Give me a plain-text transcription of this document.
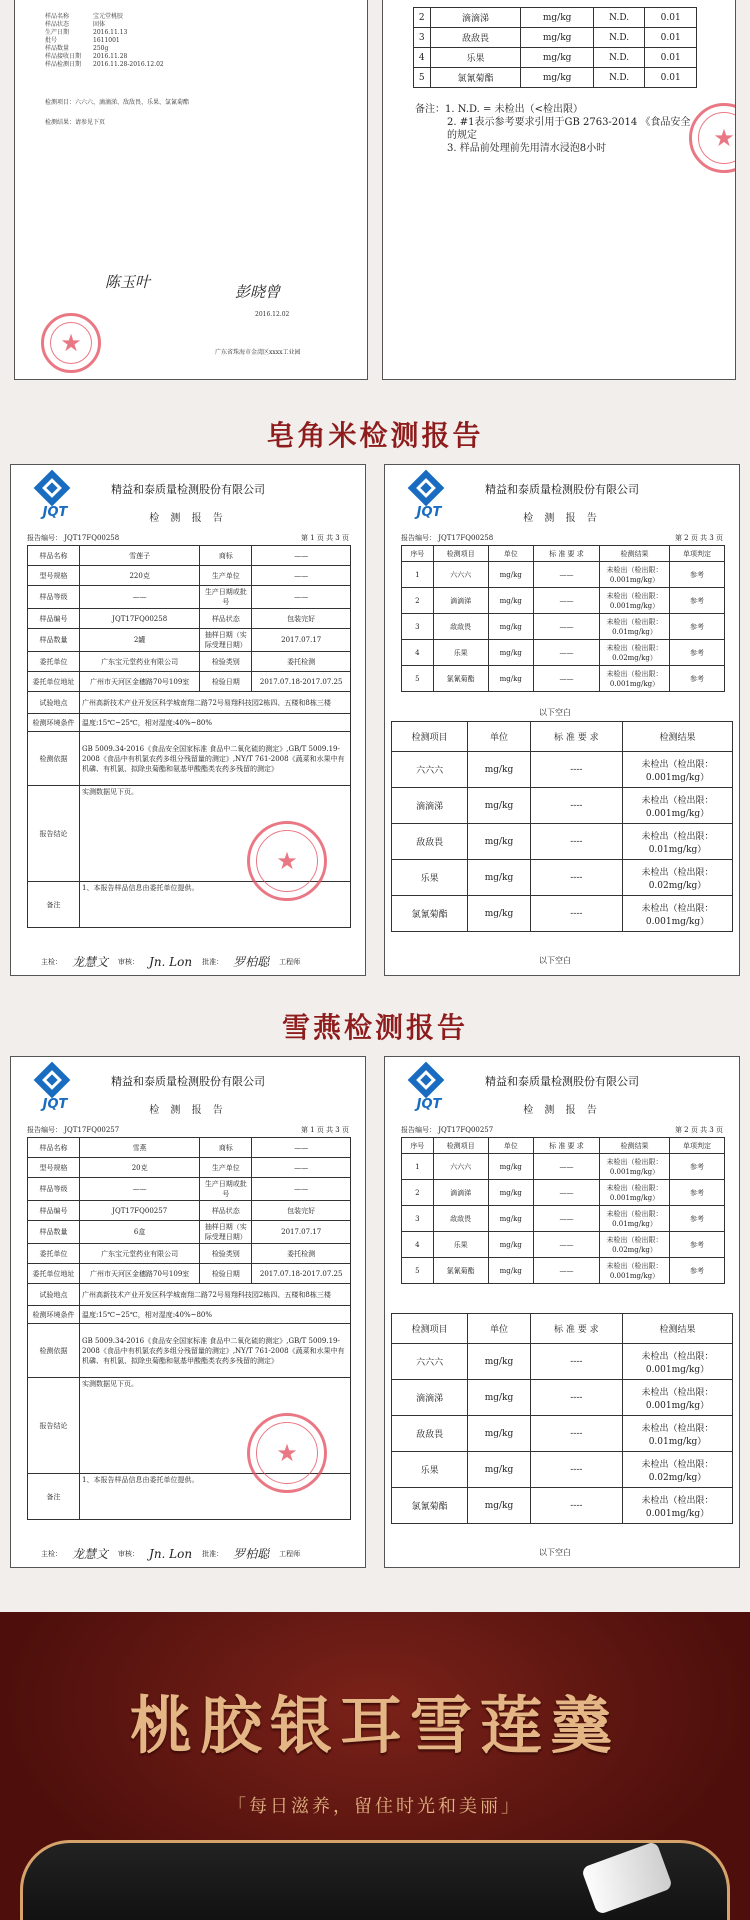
样品名称	宝元堂桃胶
样品状态	固体
生产日期	2016.11.13
批号	1611001
样品数量	250g
样品接收日期	2016.11.28
样品检测日期	2016.11.28-2016.12.02
检测项目：六六六、滴滴涕、敌敌畏、乐果、氯氰菊酯
检测结果：请参见下页
陈玉叶
彭晓曾
2016.12.02
★	广东省珠海市金湾区xxxx工业园
2	滴滴涕	mg/kg	N.D.	0.01
3	敌敌畏	mg/kg	N.D.	0.01
4	乐果	mg/kg	N.D.	0.01
5	氯氰菊酯	mg/kg	N.D.	0.01
备注：1. N.D. = 未检出（<检出限）
2. #1表示参考要求引用于GB 2763-2014 《食品安全
的规定
3. 样品前处理前先用清水浸泡8小时	★
皂角米检测报告
JQT
精益和泰质量检测股份有限公司
检 测 报 告
报告编号： JQT17FQ00258	第 1 页 共 3 页
样品名称	雪莲子	商标	——
型号规格	220克	生产单位	——
样品等级	——	生产日期或批号	——
样品编号	JQT17FQ00258	样品状态	包装完好
样品数量	2罐	抽样日期（实际受理日期）	2017.07.17
委托单位	广东宝元堂药业有限公司	检验类别	委托检测
委托单位地址	广州市天河区金穗路70号109室	检验日期	2017.07.18-2017.07.25
试验地点	广州高新技术产业开发区科学城南翔二路72号易翔科技园2栋四、五楼和8栋三楼		
检测环境条件	温度:15℃~25℃，相对湿度:40%~80%		
检测依据	GB 5009.34-2016《食品安全国家标准 食品中二氧化硫的测定》,GB/T 5009.19-2008《食品中有机氯农药多组分残留量的测定》,NY/T 761-2008《蔬菜和水果中有机磷、有机氯、拟除虫菊酯和氨基甲酸酯类农药多残留的测定》		
报告结论	实测数据见下页。		
备注	1、本报告样品信息由委托单位提供。		
★
主检： 龙慧文 审核： Jn. Lon 批准： 罗柏聪 工程师
JQT
精益和泰质量检测股份有限公司
检 测 报 告
报告编号： JQT17FQ00258	第 2 页 共 3 页
序号	检测项目	单位	标 准 要 求	检测结果	单项判定
1	六六六	mg/kg	——	未检出（检出限：0.001mg/kg）	参考
2	滴滴涕	mg/kg	——	未检出（检出限：0.001mg/kg）	参考
3	敌敌畏	mg/kg	——	未检出（检出限：0.01mg/kg）	参考
4	乐果	mg/kg	——	未检出（检出限：0.02mg/kg）	参考
5	氯氰菊酯	mg/kg	——	未检出（检出限：0.001mg/kg）	参考
以下空白
检测项目	单位	标 准 要 求	检测结果
六六六	mg/kg	----	未检出（检出限：0.001mg/kg）
滴滴涕	mg/kg	----	未检出（检出限：0.001mg/kg）
敌敌畏	mg/kg	----	未检出（检出限：0.01mg/kg）
乐果	mg/kg	----	未检出（检出限：0.02mg/kg）
氯氰菊酯	mg/kg	----	未检出（检出限：0.001mg/kg）
以下空白
雪燕检测报告
JQT
精益和泰质量检测股份有限公司
检 测 报 告
报告编号： JQT17FQ00257	第 1 页 共 3 页
样品名称	雪燕	商标	——
型号规格	20克	生产单位	——
样品等级	——	生产日期或批号	——
样品编号	JQT17FQ00257	样品状态	包装完好
样品数量	6盒	抽样日期（实际受理日期）	2017.07.17
委托单位	广东宝元堂药业有限公司	检验类别	委托检测
委托单位地址	广州市天河区金穗路70号109室	检验日期	2017.07.18-2017.07.25
试验地点	广州高新技术产业开发区科学城南翔二路72号易翔科技园2栋四、五楼和8栋三楼		
检测环境条件	温度:15℃~25℃，相对湿度:40%~80%		
检测依据	GB 5009.34-2016《食品安全国家标准 食品中二氧化硫的测定》,GB/T 5009.19-2008《食品中有机氯农药多组分残留量的测定》,NY/T 761-2008《蔬菜和水果中有机磷、有机氯、拟除虫菊酯和氨基甲酸酯类农药多残留的测定》		
报告结论	实测数据见下页。		
备注	1、本报告样品信息由委托单位提供。		
★
主检： 龙慧文 审核： Jn. Lon 批准： 罗柏聪 工程师
JQT
精益和泰质量检测股份有限公司
检 测 报 告
报告编号： JQT17FQ00257	第 2 页 共 3 页
序号	检测项目	单位	标 准 要 求	检测结果	单项判定
1	六六六	mg/kg	——	未检出（检出限：0.001mg/kg）	参考
2	滴滴涕	mg/kg	——	未检出（检出限：0.001mg/kg）	参考
3	敌敌畏	mg/kg	——	未检出（检出限：0.01mg/kg）	参考
4	乐果	mg/kg	——	未检出（检出限：0.02mg/kg）	参考
5	氯氰菊酯	mg/kg	——	未检出（检出限：0.001mg/kg）	参考
检测项目	单位	标 准 要 求	检测结果
六六六	mg/kg	----	未检出（检出限：0.001mg/kg）
滴滴涕	mg/kg	----	未检出（检出限：0.001mg/kg）
敌敌畏	mg/kg	----	未检出（检出限：0.01mg/kg）
乐果	mg/kg	----	未检出（检出限：0.02mg/kg）
氯氰菊酯	mg/kg	----	未检出（检出限：0.001mg/kg）
以下空白
桃胶银耳雪莲羹
「每日滋养，留住时光和美丽」
